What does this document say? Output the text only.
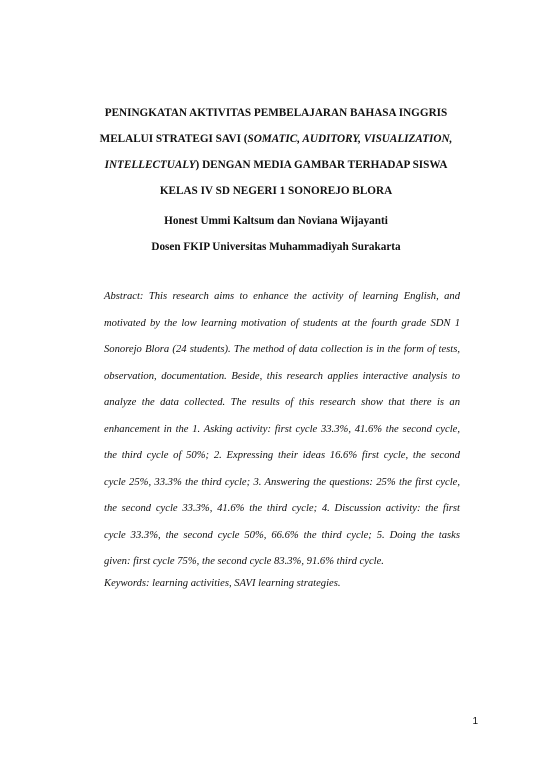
PENINGKATAN AKTIVITAS PEMBELAJARAN BAHASA INGGRIS
MELALUI STRATEGI SAVI (SOMATIC, AUDITORY, VISUALIZATION,
INTELLECTUALY) DENGAN MEDIA GAMBAR TERHADAP SISWA
KELAS IV SD NEGERI 1 SONOREJO BLORA
Honest Ummi Kaltsum dan Noviana Wijayanti
Dosen FKIP Universitas Muhammadiyah Surakarta
Abstract: This research aims to enhance the activity of learning English, and
motivated by the low learning motivation of students at the fourth grade SDN 1
Sonorejo Blora (24 students). The method of data collection is in the form of tests,
observation, documentation. Beside, this research applies interactive analysis to
analyze the data collected. The results of this research show that there is an
enhancement in the 1. Asking activity: first cycle 33.3%, 41.6% the second cycle,
the third cycle of 50%; 2. Expressing their ideas 16.6% first cycle, the second
cycle 25%, 33.3% the third cycle; 3. Answering the questions: 25% the first cycle,
the second cycle 33.3%, 41.6% the third cycle; 4. Discussion activity: the first
cycle 33.3%, the second cycle 50%, 66.6% the third cycle; 5. Doing the tasks
given: first cycle 75%, the second cycle 83.3%, 91.6% third cycle.
Keywords: learning activities, SAVI learning strategies.
1
